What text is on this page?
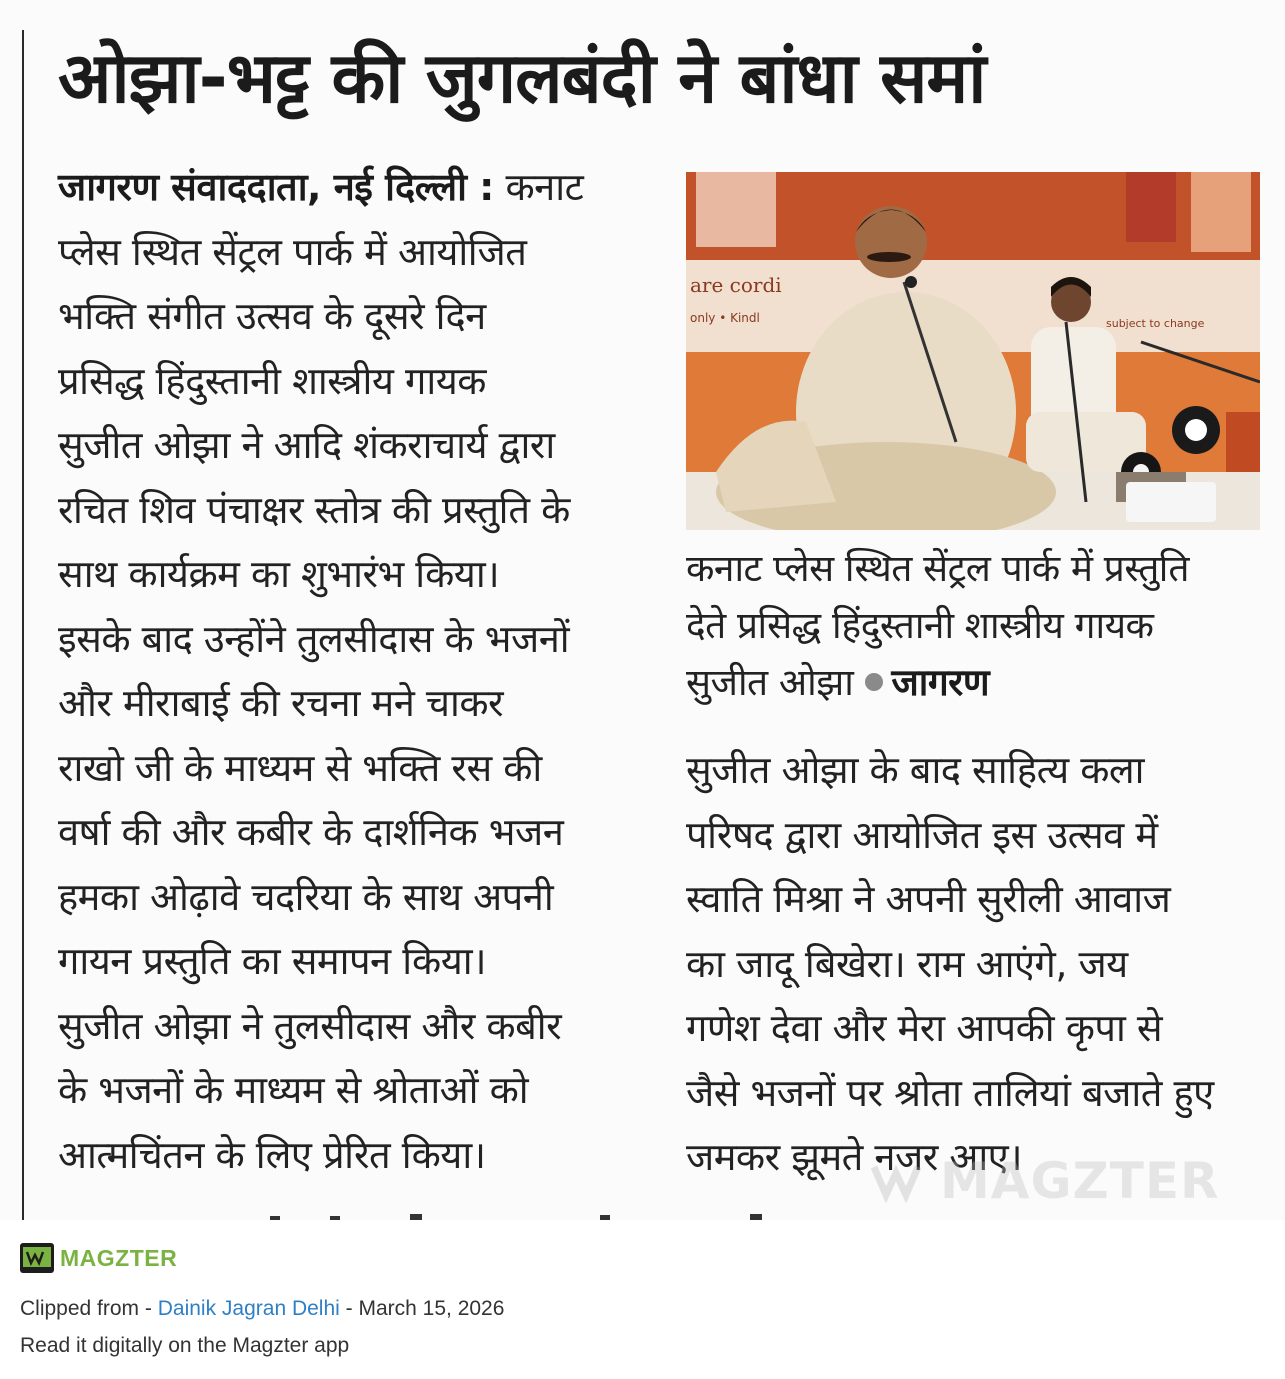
ओझा-भट्ट की जुगलबंदी ने बांधा समां
जागरण संवाददाता, नई दिल्ली : कनाट
प्लेस स्थित सेंट्रल पार्क में आयोजित
भक्ति संगीत उत्सव के दूसरे दिन
प्रसिद्ध हिंदुस्तानी शास्त्रीय गायक
सुजीत ओझा ने आदि शंकराचार्य द्वारा
रचित शिव पंचाक्षर स्तोत्र की प्रस्तुति के
साथ कार्यक्रम का शुभारंभ किया।
इसके बाद उन्होंने तुलसीदास के भजनों
और मीराबाई की रचना मने चाकर
राखो जी के माध्यम से भक्ति रस की
वर्षा की और कबीर के दार्शनिक भजन
हमका ओढ़ावे चदरिया के साथ अपनी
गायन प्रस्तुति का समापन किया।
सुजीत ओझा ने तुलसीदास और कबीर
के भजनों के माध्यम से श्रोताओं को
आत्मचिंतन के लिए प्रेरित किया।
are cordi
only • Kindl	subject to change
कनाट प्लेस स्थित सेंट्रल पार्क में प्रस्तुति
देते प्रसिद्ध हिंदुस्तानी शास्त्रीय गायक
सुजीत ओझा जागरण
सुजीत ओझा के बाद साहित्य कला
परिषद द्वारा आयोजित इस उत्सव में
स्वाति मिश्रा ने अपनी सुरीली आवाज
का जादू बिखेरा। राम आएंगे, जय
गणेश देवा और मेरा आपकी कृपा से
जैसे भजनों पर श्रोता तालियां बजाते हुए
जमकर झूमते नजर आए।
MAGZTER
MAGZTER
Clipped from - Dainik Jagran Delhi - March 15, 2026
Read it digitally on the Magzter app
